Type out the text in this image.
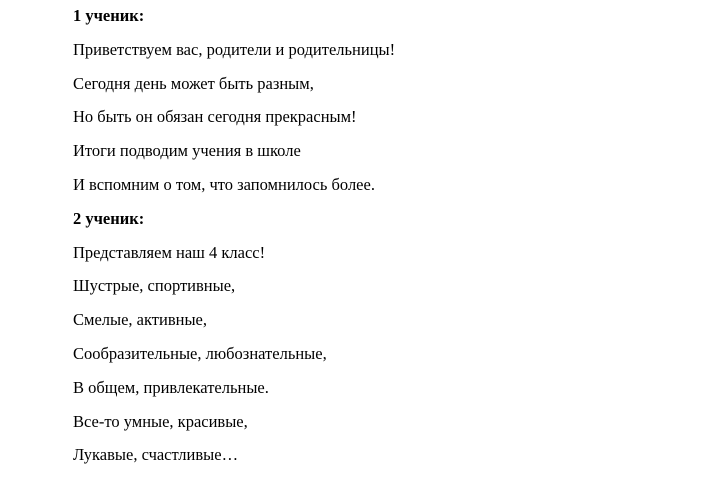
1 ученик:
Приветствуем вас, родители и родительницы!
Сегодня день может быть разным,
Но быть он обязан сегодня прекрасным!
Итоги подводим учения в школе
И вспомним о том, что запомнилось более.
2 ученик:
Представляем наш 4 класс!
Шустрые, спортивные,
Смелые, активные,
Сообразительные, любознательные,
В общем, привлекательные.
Все-то умные, красивые,
Лукавые, счастливые…
